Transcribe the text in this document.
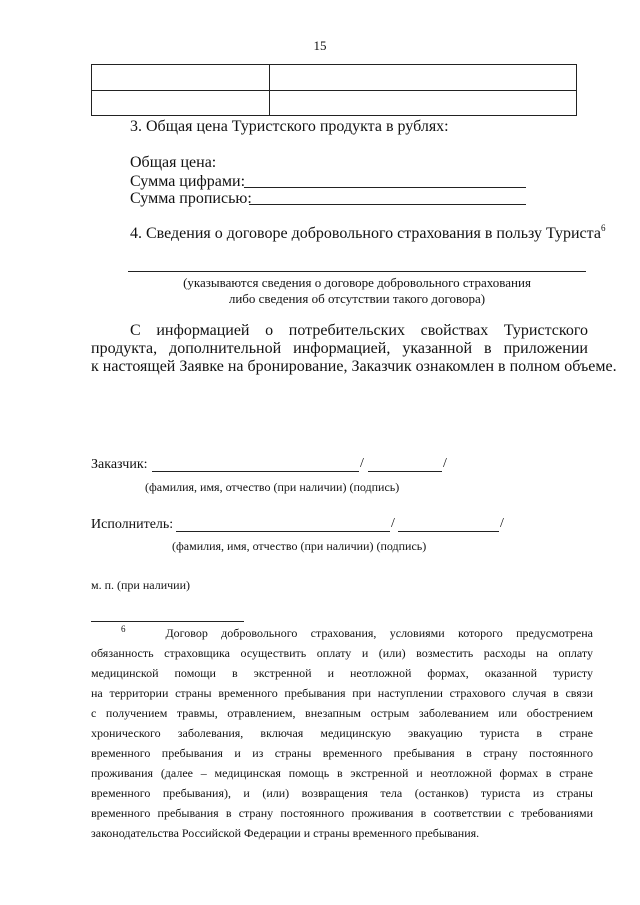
15

3. Общая цена Туристского продукта в рублях:
Общая цена:
Сумма цифрами:
Сумма прописью:
4. Сведения о договоре добровольного страхования в пользу Туриста$^6$
(указываются сведения о договоре добровольного страхования
либо сведения об отсутствии такого договора)
С информацией о потребительских свойствах Туристского
продукта, дополнительной информацией, указанной в приложении
к настоящей Заявке на бронирование, Заказчик ознакомлен в полном объеме.
Заказчик:	/	/
(фамилия, имя, отчество (при наличии) (подпись)
Исполнитель:	/	/
(фамилия, имя, отчество (при наличии) (подпись)
м. п. (при наличии)
$^6$	Договор добровольного страхования, условиями которого предусмотрена
обязанность страховщика осуществить оплату и (или) возместить расходы на оплату
медицинской помощи в экстренной и неотложной формах, оказанной туристу
на территории страны временного пребывания при наступлении страхового случая в связи
с получением травмы, отравлением, внезапным острым заболеванием или обострением
хронического заболевания, включая медицинскую эвакуацию туриста в стране
временного пребывания и из страны временного пребывания в страну постоянного
проживания (далее – медицинская помощь в экстренной и неотложной формах в стране
временного пребывания), и (или) возвращения тела (останков) туриста из страны
временного пребывания в страну постоянного проживания в соответствии с требованиями
законодательства Российской Федерации и страны временного пребывания.
